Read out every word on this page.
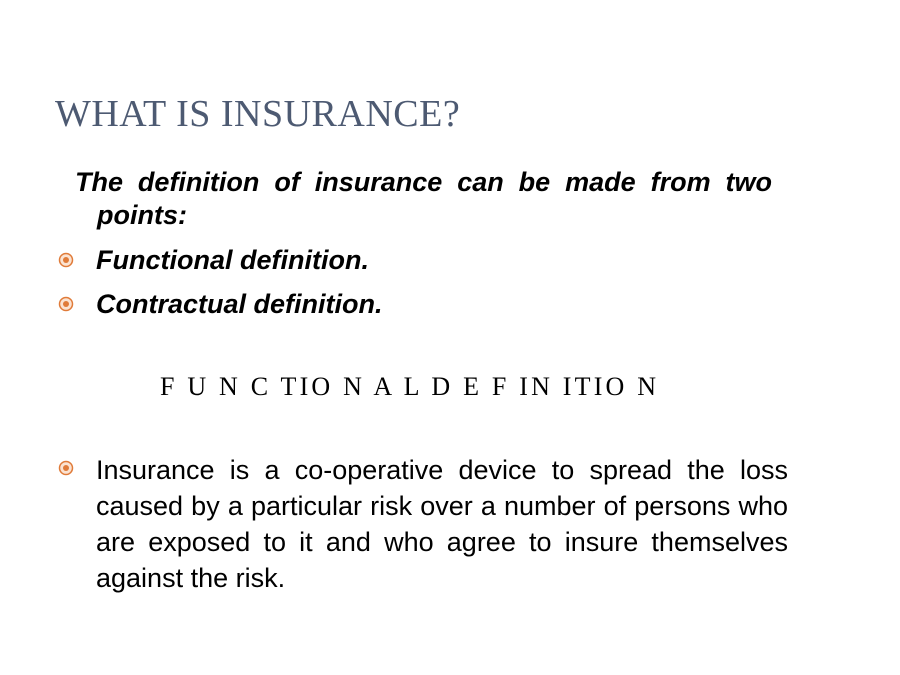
WHAT IS INSURANCE?
The definition of insurance can be made from two points:
Functional definition.
Contractual definition.
F U N C TIO N A L D E F IN ITIO N
Insurance is a co-operative device to spread the loss caused by a particular risk over a number of persons who are exposed to it and who agree to insure themselves against the risk.
